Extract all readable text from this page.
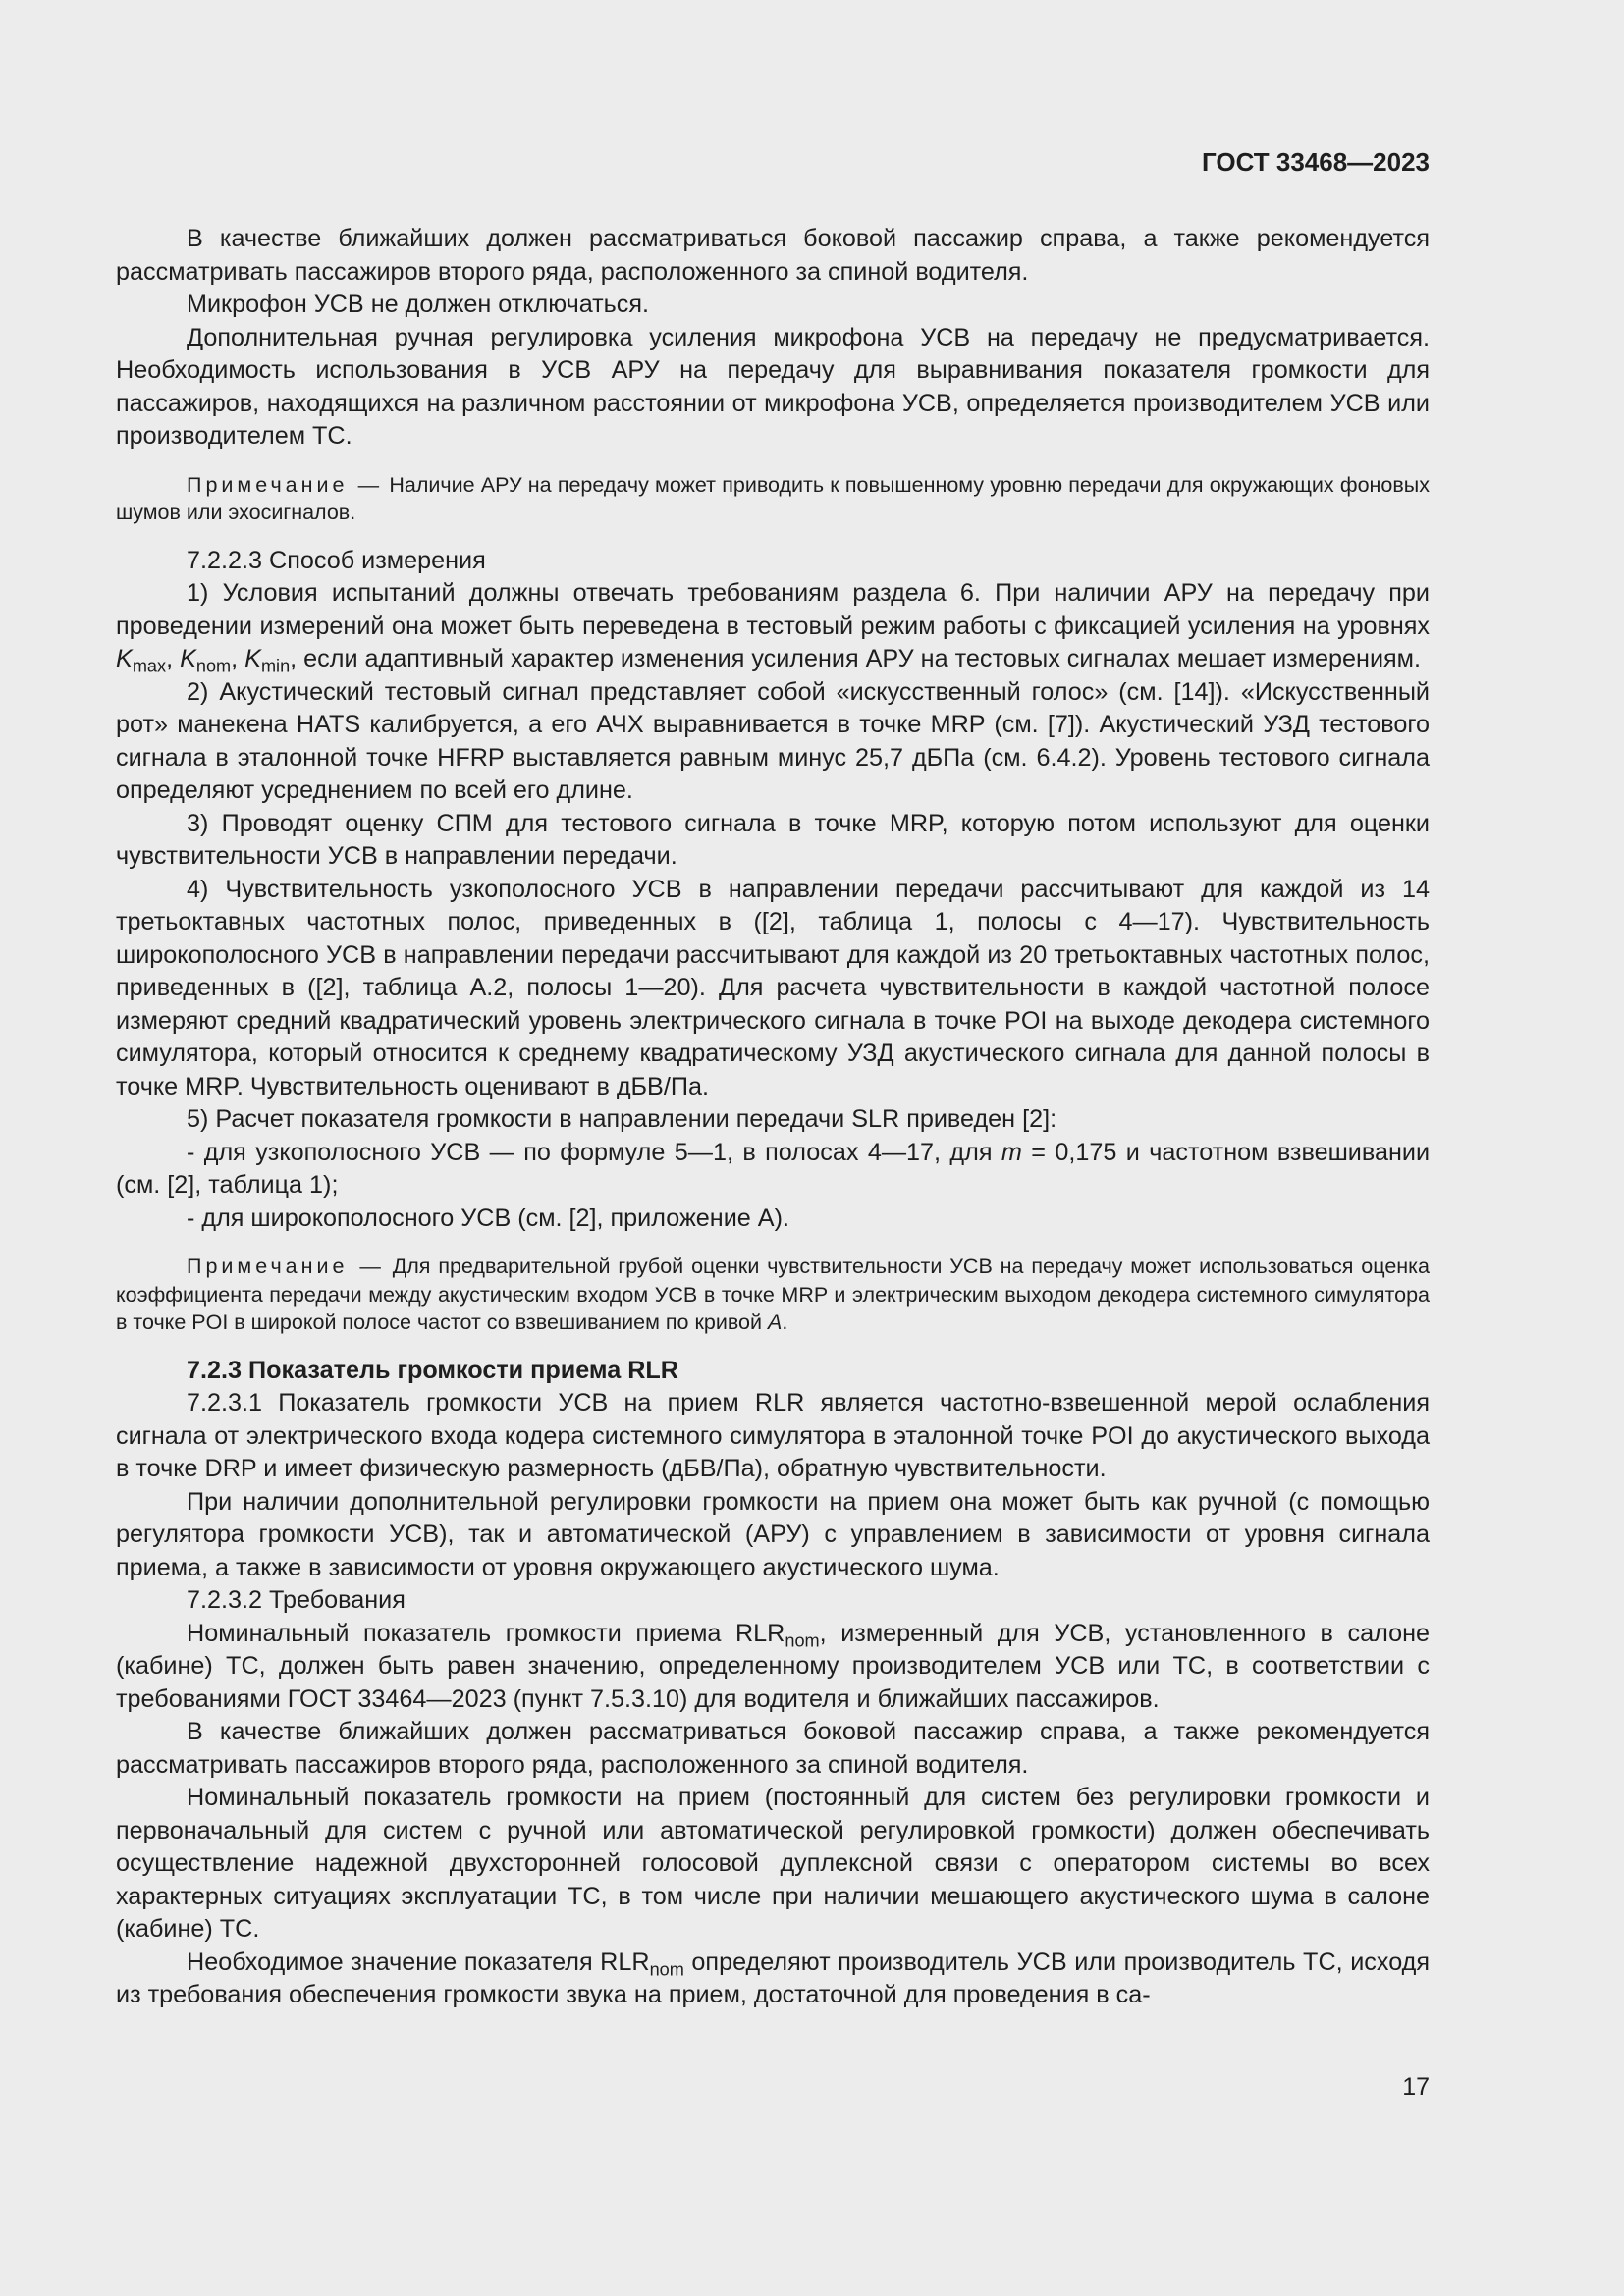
ГОСТ 33468—2023

В качестве ближайших должен рассматриваться боковой пассажир справа, а также рекомендуется рассматривать пассажиров второго ряда, расположенного за спиной водителя.

Микрофон УСВ не должен отключаться.

Дополнительная ручная регулировка усиления микрофона УСВ на передачу не предусматривается. Необходимость использования в УСВ АРУ на передачу для выравнивания показателя громкости для пассажиров, находящихся на различном расстоянии от микрофона УСВ, определяется производителем УСВ или производителем ТС.

Примечание — Наличие АРУ на передачу может приводить к повышенному уровню передачи для окружающих фоновых шумов или эхосигналов.

7.2.2.3 Способ измерения

1) Условия испытаний должны отвечать требованиям раздела 6. При наличии АРУ на передачу при проведении измерений она может быть переведена в тестовый режим работы с фиксацией усиления на уровнях $K_{max}$, $K_{nom}$, $K_{min}$, если адаптивный характер изменения усиления АРУ на тестовых сигналах мешает измерениям.

2) Акустический тестовый сигнал представляет собой «искусственный голос» (см. [14]). «Искусственный рот» манекена HATS калибруется, а его АЧХ выравнивается в точке MRP (см. [7]). Акустический УЗД тестового сигнала в эталонной точке HFRP выставляется равным минус 25,7 дБПа (см. 6.4.2). Уровень тестового сигнала определяют усреднением по всей его длине.

3) Проводят оценку СПМ для тестового сигнала в точке MRP, которую потом используют для оценки чувствительности УСВ в направлении передачи.

4) Чувствительность узкополосного УСВ в направлении передачи рассчитывают для каждой из 14 третьоктавных частотных полос, приведенных в ([2], таблица 1, полосы с 4—17). Чувствительность широкополосного УСВ в направлении передачи рассчитывают для каждой из 20 третьоктавных частотных полос, приведенных в ([2], таблица А.2, полосы 1—20). Для расчета чувствительности в каждой частотной полосе измеряют средний квадратический уровень электрического сигнала в точке POI на выходе декодера системного симулятора, который относится к среднему квадратическому УЗД акустического сигнала для данной полосы в точке MRP. Чувствительность оценивают в дБВ/Па.

5) Расчет показателя громкости в направлении передачи SLR приведен [2]:

- для узкополосного УСВ — по формуле 5—1, в полосах 4—17, для m = 0,175 и частотном взвешивании (см. [2], таблица 1);

- для широкополосного УСВ (см. [2], приложение А).

Примечание — Для предварительной грубой оценки чувствительности УСВ на передачу может использоваться оценка коэффициента передачи между акустическим входом УСВ в точке MRP и электрическим выходом декодера системного симулятора в точке POI в широкой полосе частот со взвешиванием по кривой A.

7.2.3 Показатель громкости приема RLR

7.2.3.1 Показатель громкости УСВ на прием RLR является частотно-взвешенной мерой ослабления сигнала от электрического входа кодера системного симулятора в эталонной точке POI до акустического выхода в точке DRP и имеет физическую размерность (дБВ/Па), обратную чувствительности.

При наличии дополнительной регулировки громкости на прием она может быть как ручной (с помощью регулятора громкости УСВ), так и автоматической (АРУ) с управлением в зависимости от уровня сигнала приема, а также в зависимости от уровня окружающего акустического шума.

7.2.3.2 Требования

Номинальный показатель громкости приема $RLR_{nom}$, измеренный для УСВ, установленного в салоне (кабине) ТС, должен быть равен значению, определенному производителем УСВ или ТС, в соответствии с требованиями ГОСТ 33464—2023 (пункт 7.5.3.10) для водителя и ближайших пассажиров.

В качестве ближайших должен рассматриваться боковой пассажир справа, а также рекомендуется рассматривать пассажиров второго ряда, расположенного за спиной водителя.

Номинальный показатель громкости на прием (постоянный для систем без регулировки громкости и первоначальный для систем с ручной или автоматической регулировкой громкости) должен обеспечивать осуществление надежной двухсторонней голосовой дуплексной связи с оператором системы во всех характерных ситуациях эксплуатации ТС, в том числе при наличии мешающего акустического шума в салоне (кабине) ТС.

Необходимое значение показателя $RLR_{nom}$ определяют производитель УСВ или производитель ТС, исходя из требования обеспечения громкости звука на прием, достаточной для проведения в са-

17
